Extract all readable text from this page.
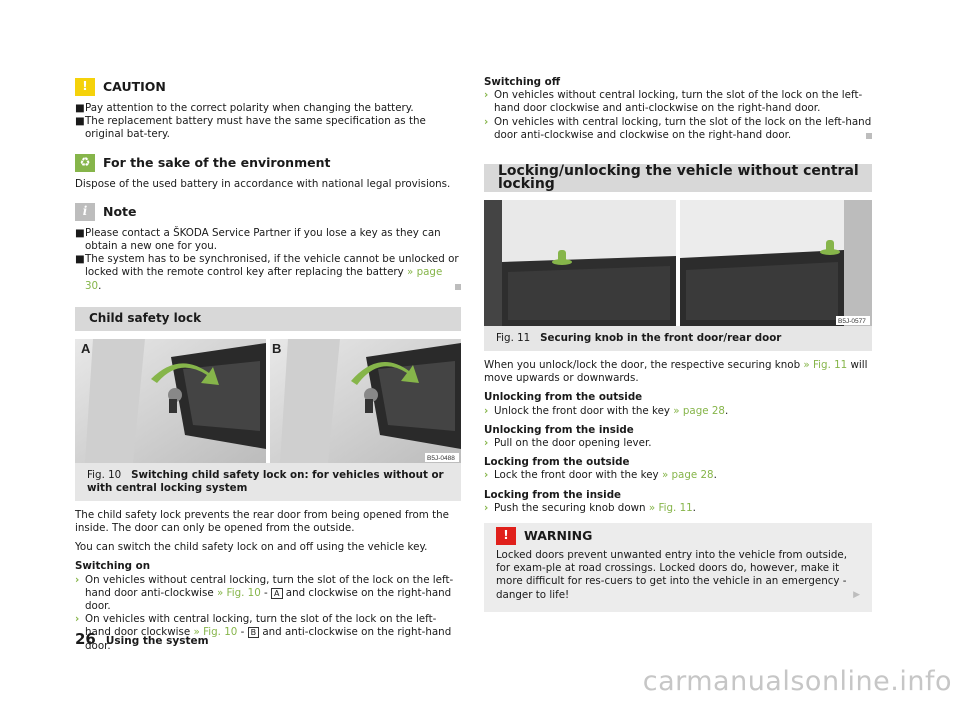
!	CAUTION
■ Pay attention to the correct polarity when changing the battery.
■ The replacement battery must have the same specification as the original bat-tery.
♻	For the sake of the environment

Dispose of the used battery in accordance with national legal provisions.

i	Note
■ Please contact a ŠKODA Service Partner if you lose a key as they can obtain a new one for you.
■ The system has to be synchronised, if the vehicle cannot be unlocked or locked with the remote control key after replacing the battery » page 30.
Child safety lock
A	B
B5J-0488
Fig. 10 Switching child safety lock on: for vehicles without or with central locking system

The child safety lock prevents the rear door from being opened from the inside. The door can only be opened from the outside.

You can switch the child safety lock on and off using the vehicle key.

Switching on
› On vehicles without central locking, turn the slot of the lock on the left-hand door anti-clockwise » Fig. 10 - A and clockwise on the right-hand door.
› On vehicles with central locking, turn the slot of the lock on the left-hand door clockwise » Fig. 10 - B and anti-clockwise on the right-hand door.
Switching off
› On vehicles without central locking, turn the slot of the lock on the left-hand door clockwise and anti-clockwise on the right-hand door.
› On vehicles with central locking, turn the slot of the lock on the left-hand door anti-clockwise and clockwise on the right-hand door.
Locking/unlocking the vehicle without central locking
B5J-0577
Fig. 11 Securing knob in the front door/rear door

When you unlock/lock the door, the respective securing knob » Fig. 11 will move upwards or downwards.

Unlocking from the outside
› Unlock the front door with the key » page 28.
Unlocking from the inside
› Pull on the door opening lever.
Locking from the outside
› Lock the front door with the key » page 28.
Locking from the inside
› Push the securing knob down » Fig. 11.
!	WARNING

Locked doors prevent unwanted entry into the vehicle from outside, for exam-ple at road crossings. Locked doors do, however, make it more difficult for res-cuers to get into the vehicle in an emergency - danger to life!	▶

26 Using the system
carmanualsonline.info
